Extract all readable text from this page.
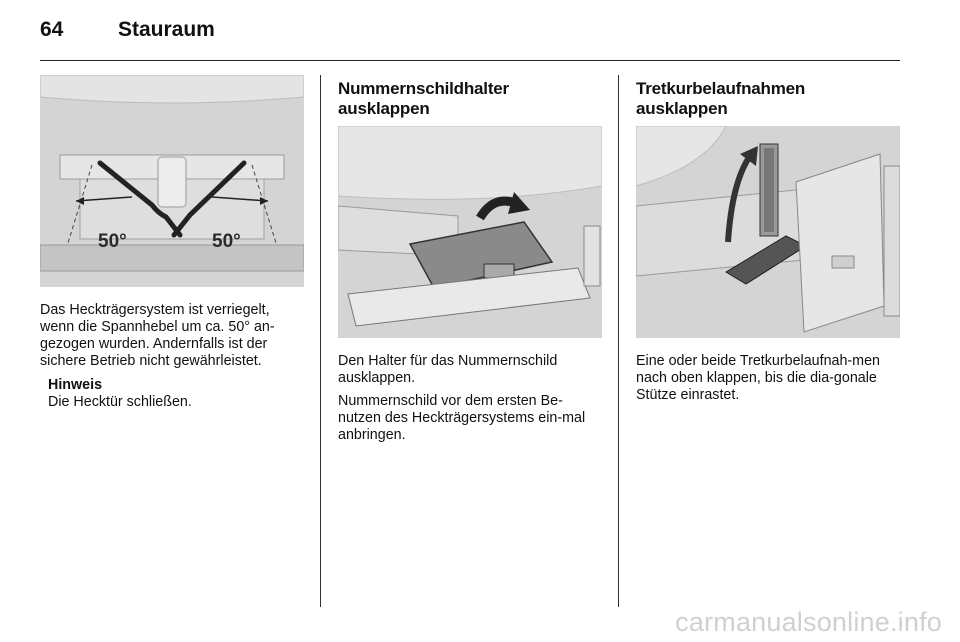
64	Stauraum
50°	50°

Das Heckträgersystem ist verriegelt, wenn die Spannhebel um ca. 50° an-gezogen wurden. Andernfalls ist der sichere Betrieb nicht gewährleistet.

Hinweis
Die Hecktür schließen.
Nummernschildhalter ausklappen

Den Halter für das Nummernschild ausklappen.

Nummernschild vor dem ersten Be-nutzen des Heckträgersystems ein-mal anbringen.

Tretkurbelaufnahmen ausklappen

Eine oder beide Tretkurbelaufnah-men nach oben klappen, bis die dia-gonale Stütze einrastet.

carmanualsonline.info
